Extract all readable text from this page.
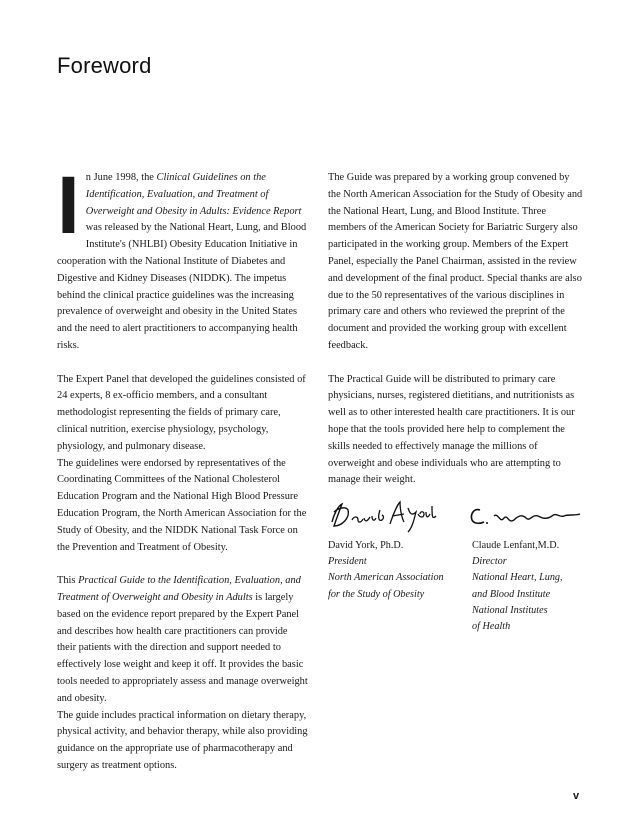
Foreword

In June 1998, the Clinical Guidelines on the Identification, Evaluation, and Treatment of Overweight and Obesity in Adults: Evidence Report was released by the National Heart, Lung, and Blood Institute's (NHLBI) Obesity Education Initiative in cooperation with the National Institute of Diabetes and Digestive and Kidney Diseases (NIDDK). The impetus behind the clinical practice guidelines was the increasing prevalence of overweight and obesity in the United States and the need to alert practitioners to accompanying health risks.

The Expert Panel that developed the guidelines consisted of 24 experts, 8 ex-officio members, and a consultant methodologist representing the fields of primary care, clinical nutrition, exercise physiology, psychology, physiology, and pulmonary disease.

The guidelines were endorsed by representatives of the Coordinating Committees of the National Cholesterol Education Program and the National High Blood Pressure Education Program, the North American Association for the Study of Obesity, and the NIDDK National Task Force on the Prevention and Treatment of Obesity.

This Practical Guide to the Identification, Evaluation, and Treatment of Overweight and Obesity in Adults is largely based on the evidence report prepared by the Expert Panel and describes how health care practitioners can provide their patients with the direction and support needed to effectively lose weight and keep it off. It provides the basic tools needed to appropriately assess and manage overweight and obesity.

The guide includes practical information on dietary therapy, physical activity, and behavior therapy, while also providing guidance on the appropriate use of pharmacotherapy and surgery as treatment options.

The Guide was prepared by a working group convened by the North American Association for the Study of Obesity and the National Heart, Lung, and Blood Institute. Three members of the American Society for Bariatric Surgery also participated in the working group. Members of the Expert Panel, especially the Panel Chairman, assisted in the review and development of the final product. Special thanks are also due to the 50 representatives of the various disciplines in primary care and others who reviewed the preprint of the document and provided the working group with excellent feedback.

The Practical Guide will be distributed to primary care physicians, nurses, registered dietitians, and nutritionists as well as to other interested health care practitioners. It is our hope that the tools provided here help to complement the skills needed to effectively manage the millions of overweight and obese individuals who are attempting to manage their weight.

David York, Ph.D.
President
North American Association
for the Study of Obesity
Claude Lenfant,M.D.
Director
National Heart, Lung,
and Blood Institute
National Institutes
of Health
v
